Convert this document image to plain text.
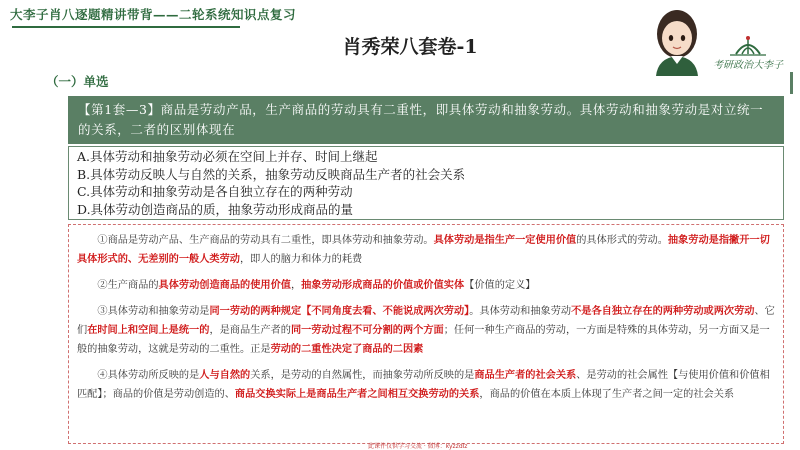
大李子肖八逐题精讲带背——二轮系统知识点复习
肖秀荣八套卷-1
考研政治大李子
（一）单选
【第1套—3】商品是劳动产品，生产商品的劳动具有二重性，即具体劳动和抽象劳动。具体劳动和抽象劳动是对立统一的关系，二者的区别体现在
A.具体劳动和抽象劳动必须在空间上并存、时间上继起
B.具体劳动反映人与自然的关系，抽象劳动反映商品生产者的社会关系
C.具体劳动和抽象劳动是各自独立存在的两种劳动
D.具体劳动创造商品的质，抽象劳动形成商品的量

①商品是劳动产品、生产商品的劳动具有二重性，即具体劳动和抽象劳动。具体劳动是指生产一定使用价值的具体形式的劳动。抽象劳动是指撇开一切具体形式的、无差别的一般人类劳动，即人的脑力和体力的耗费

②生产商品的具体劳动创造商品的使用价值，抽象劳动形成商品的价值或价值实体【价值的定义】

③具体劳动和抽象劳动是同一劳动的两种规定【不同角度去看、不能说成两次劳动】。具体劳动和抽象劳动不是各自独立存在的两种劳动或两次劳动、它们在时间上和空间上是统一的，是商品生产者的同一劳动过程不可分割的两个方面；任何一种生产商品的劳动，一方面是特殊的具体劳动，另一方面又是一般的抽象劳动，这就是劳动的二重性。正是劳动的二重性决定了商品的二因素

④具体劳动所反映的是人与自然的关系，是劳动的自然属性，而抽象劳动所反映的是商品生产者的社会关系、是劳动的社会属性【与使用价值和价值相匹配】；商品的价值是劳动创造的、商品交换实际上是商品生产者之间相互交换劳动的关系，商品的价值在本质上体现了生产者之间一定的社会关系

此课件仅供学习交流 · 微博：kyzzdlz
